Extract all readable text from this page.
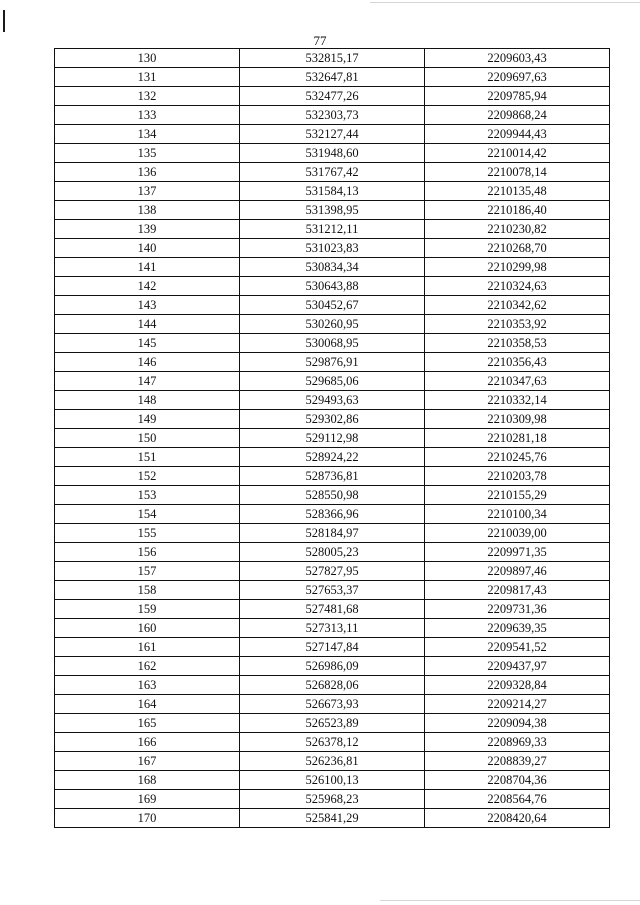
77
130	532815,17	2209603,43
131	532647,81	2209697,63
132	532477,26	2209785,94
133	532303,73	2209868,24
134	532127,44	2209944,43
135	531948,60	2210014,42
136	531767,42	2210078,14
137	531584,13	2210135,48
138	531398,95	2210186,40
139	531212,11	2210230,82
140	531023,83	2210268,70
141	530834,34	2210299,98
142	530643,88	2210324,63
143	530452,67	2210342,62
144	530260,95	2210353,92
145	530068,95	2210358,53
146	529876,91	2210356,43
147	529685,06	2210347,63
148	529493,63	2210332,14
149	529302,86	2210309,98
150	529112,98	2210281,18
151	528924,22	2210245,76
152	528736,81	2210203,78
153	528550,98	2210155,29
154	528366,96	2210100,34
155	528184,97	2210039,00
156	528005,23	2209971,35
157	527827,95	2209897,46
158	527653,37	2209817,43
159	527481,68	2209731,36
160	527313,11	2209639,35
161	527147,84	2209541,52
162	526986,09	2209437,97
163	526828,06	2209328,84
164	526673,93	2209214,27
165	526523,89	2209094,38
166	526378,12	2208969,33
167	526236,81	2208839,27
168	526100,13	2208704,36
169	525968,23	2208564,76
170	525841,29	2208420,64
